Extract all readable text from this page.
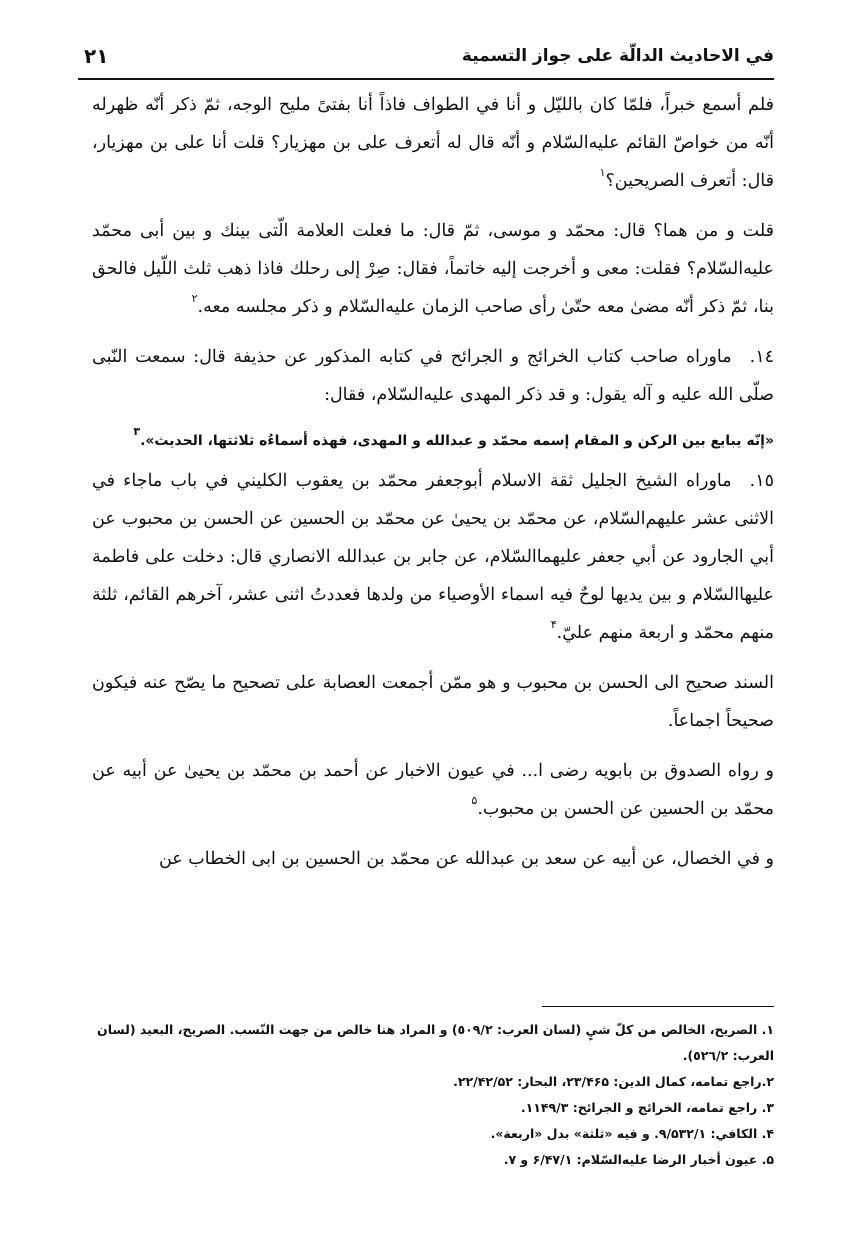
في الاحاديث الدالّة على جواز التسمية
٢١

فلم أسمع خبراً، فلمّا كان بالليّل و أنا في الطواف فاذاً أنا بفتىً مليح الوجه، ثمّ ذكر أنّه ظهرله أنّه من خواصّ القائم عليه‌السّلام و أنّه قال له أتعرف على بن مهزيار؟ قلت أنا على بن مهزيار، قال: أتعرف الصريحين؟$^١$

قلت و من هما؟ قال: محمّد و موسى، ثمّ قال: ما فعلت العلامة الّتى بينك و بين أبى محمّد عليه‌السّلام؟ فقلت: معى و أخرجت إليه خاتماً، فقال: صِرْ إلى رحلك فاذا ذهب ثلث اللّيل فالحق بنا، ثمّ ذكر أنّه مضىٰ معه حتّىٰ رأى صاحب الزمان عليه‌السّلام و ذكر مجلسه معه.$^٢$

١٤.ماوراه صاحب كتاب الخرائج و الجرائح في كتابه المذكور عن حذيفة قال: سمعت النّبى صلّى الله عليه و آله يقول: و قد ذكر المهدى عليه‌السّلام، فقال:

«إنّه يبايع بين الركن و المقام إسمه محمّد و عبدالله و المهدى، فهذه أسماءُه ثلاثتها، الحديث».$^٣$

١٥.ماوراه الشيخ الجليل ثقة الاسلام أبوجعفر محمّد بن يعقوب الكليني في باب ماجاء في الاثنى عشر عليهم‌السّلام، عن محمّد بن يحيىٰ عن محمّد بن الحسين عن الحسن بن محبوب عن أبي الجارود عن أبي جعفر عليهماالسّلام، عن جابر بن عبدالله الانصاري قال: دخلت على فاطمة عليهاالسّلام و بين يديها لوحٌ فيه اسماء الأوصياء من ولدها فعددتُ اثنى عشر، آخرهم القائم، ثلثة منهم محمّد و اربعة منهم عليّ.$^۴$

السند صحيح الى الحسن بن محبوب و هو ممّن أجمعت العصابة على تصحيح ما يصّح عنه فيكون صحيحاً اجماعاً.

و رواه الصدوق بن بابويه رضى ا... في عيون الاخبار عن أحمد بن محمّد بن يحيىٰ عن أبيه عن محمّد بن الحسين عن الحسن بن محبوب.$^۵$

و في الخصال، عن أبيه عن سعد بن عبدالله عن محمّد بن الحسين بن ابى الخطاب عن

١. الصريح، الخالص من كلّ شيٍ (لسان العرب: ٥٠٩/٢) و المراد هنا خالص من جهت النّسب. الصريح، البعيد (لسان العرب: ٥٢٦/٢).
٢.راجع تمامه، كمال الدين: ٢٣/۴۶۵، البحار: ٢٢/۴٢/۵٢.
٣. راجع تمامه، الخرائج و الجرائح: ١١۴٩/٣.
۴. الكافي: ٩/۵٣٢/١. و فيه «ثلثة» بدل «اربعة».
۵. عيون أخبار الرضا عليه‌السّلام: ۶/۴٧/١ و ٧.
